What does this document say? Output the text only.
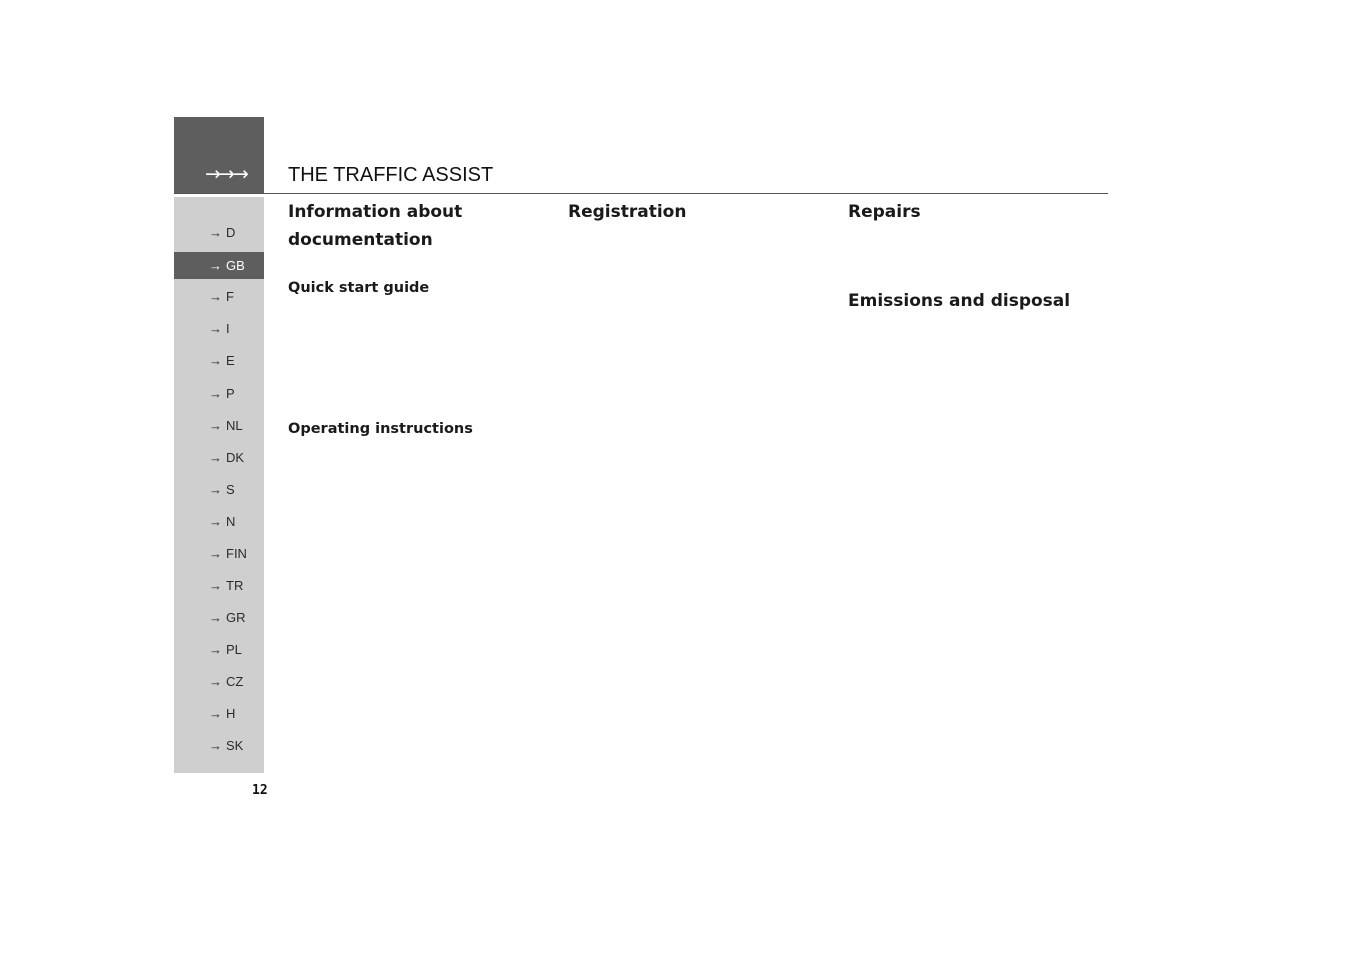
→→→ THE TRAFFIC ASSIST
→ D
→ GB
→ F
→ I
→ E
→ P
→ NL
→ DK
→ S
→ N
→ FIN
→ TR
→ GR
→ PL
→ CZ
→ H
→ SK
Information about
documentation
Quick start guide
Operating instructions
Registration	Repairs
Emissions and disposal
12
